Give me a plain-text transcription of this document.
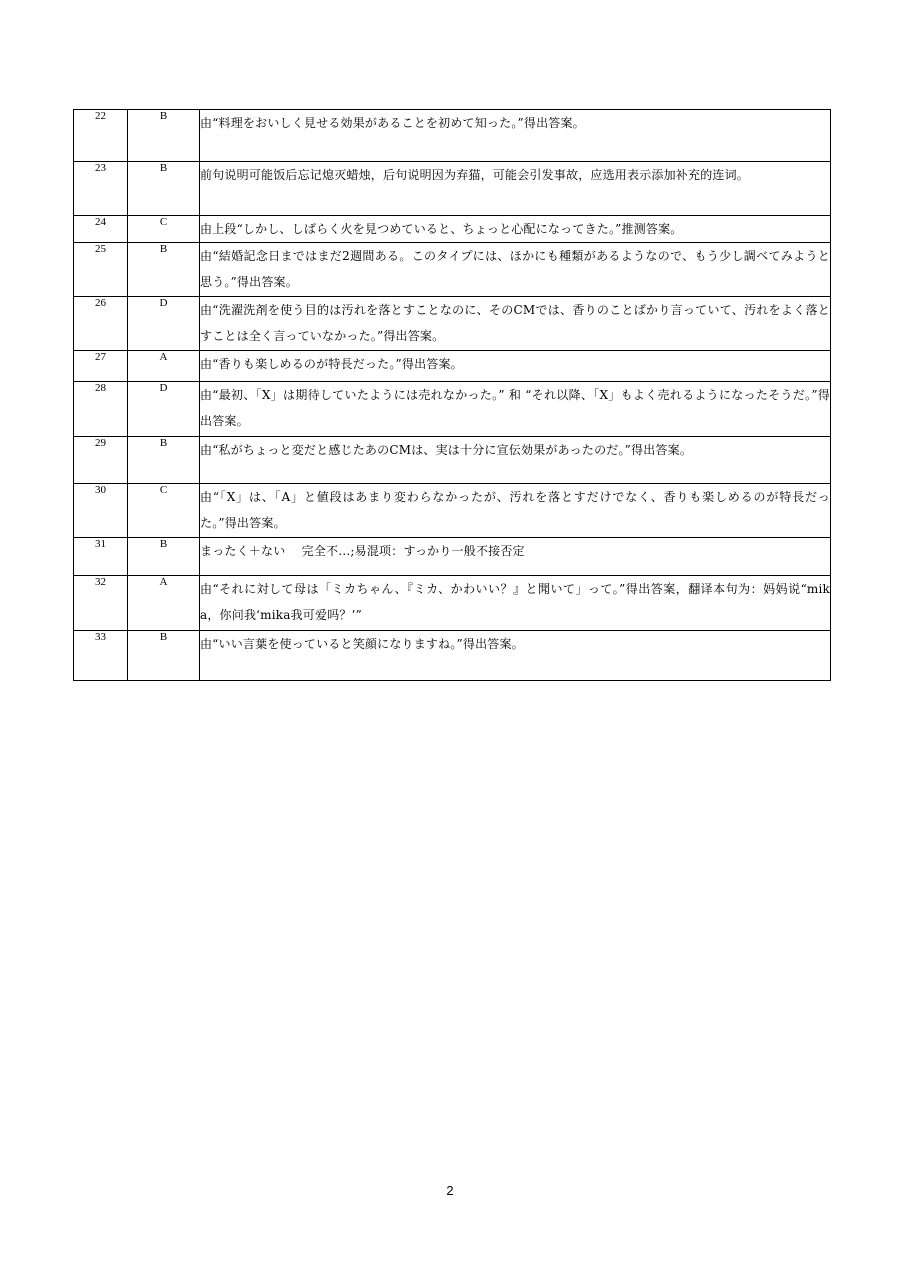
22	B	由“料理をおいしく見せる効果があることを初めて知った。”得出答案。
23	B	前句说明可能饭后忘记熄灭蜡烛，后句说明因为弃猫，可能会引发事故，应选用表示添加补充的连词。
24	C	由上段“しかし、しばらく火を見つめていると、ちょっと心配になってきた。”推测答案。
25	B	由“結婚記念日まではまだ2週間ある。このタイプには、ほかにも種類があるようなので、もう少し調べてみようと思う。”得出答案。
26	D	由“洗濯洗剤を使う目的は汚れを落とすことなのに、そのCMでは、香りのことばかり言っていて、汚れをよく落とすことは全く言っていなかった。”得出答案。
27	A	由“香りも楽しめるのが特長だった。”得出答案。
28	D	由“最初、「X」は期待していたようには売れなかった。” 和 “それ以降、「X」もよく売れるようになったそうだ。”得出答案。
29	B	由“私がちょっと変だと感じたあのCMは、実は十分に宣伝効果があったのだ。”得出答案。
30	C	由“「X」は、「A」と値段はあまり変わらなかったが、汚れを落とすだけでなく、香りも楽しめるのが特長だった。”得出答案。
31	B	まったく＋ない　 完全不…;易混项：すっかり一般不接否定
32	A	由“それに対して母は「ミカちゃん、『ミカ、かわいい？』と聞いて」って。”得出答案，翻译本句为：妈妈说“mika，你问我‘mika我可爱吗？’”
33	B	由“いい言葉を使っていると笑顔になりますね。”得出答案。
2
